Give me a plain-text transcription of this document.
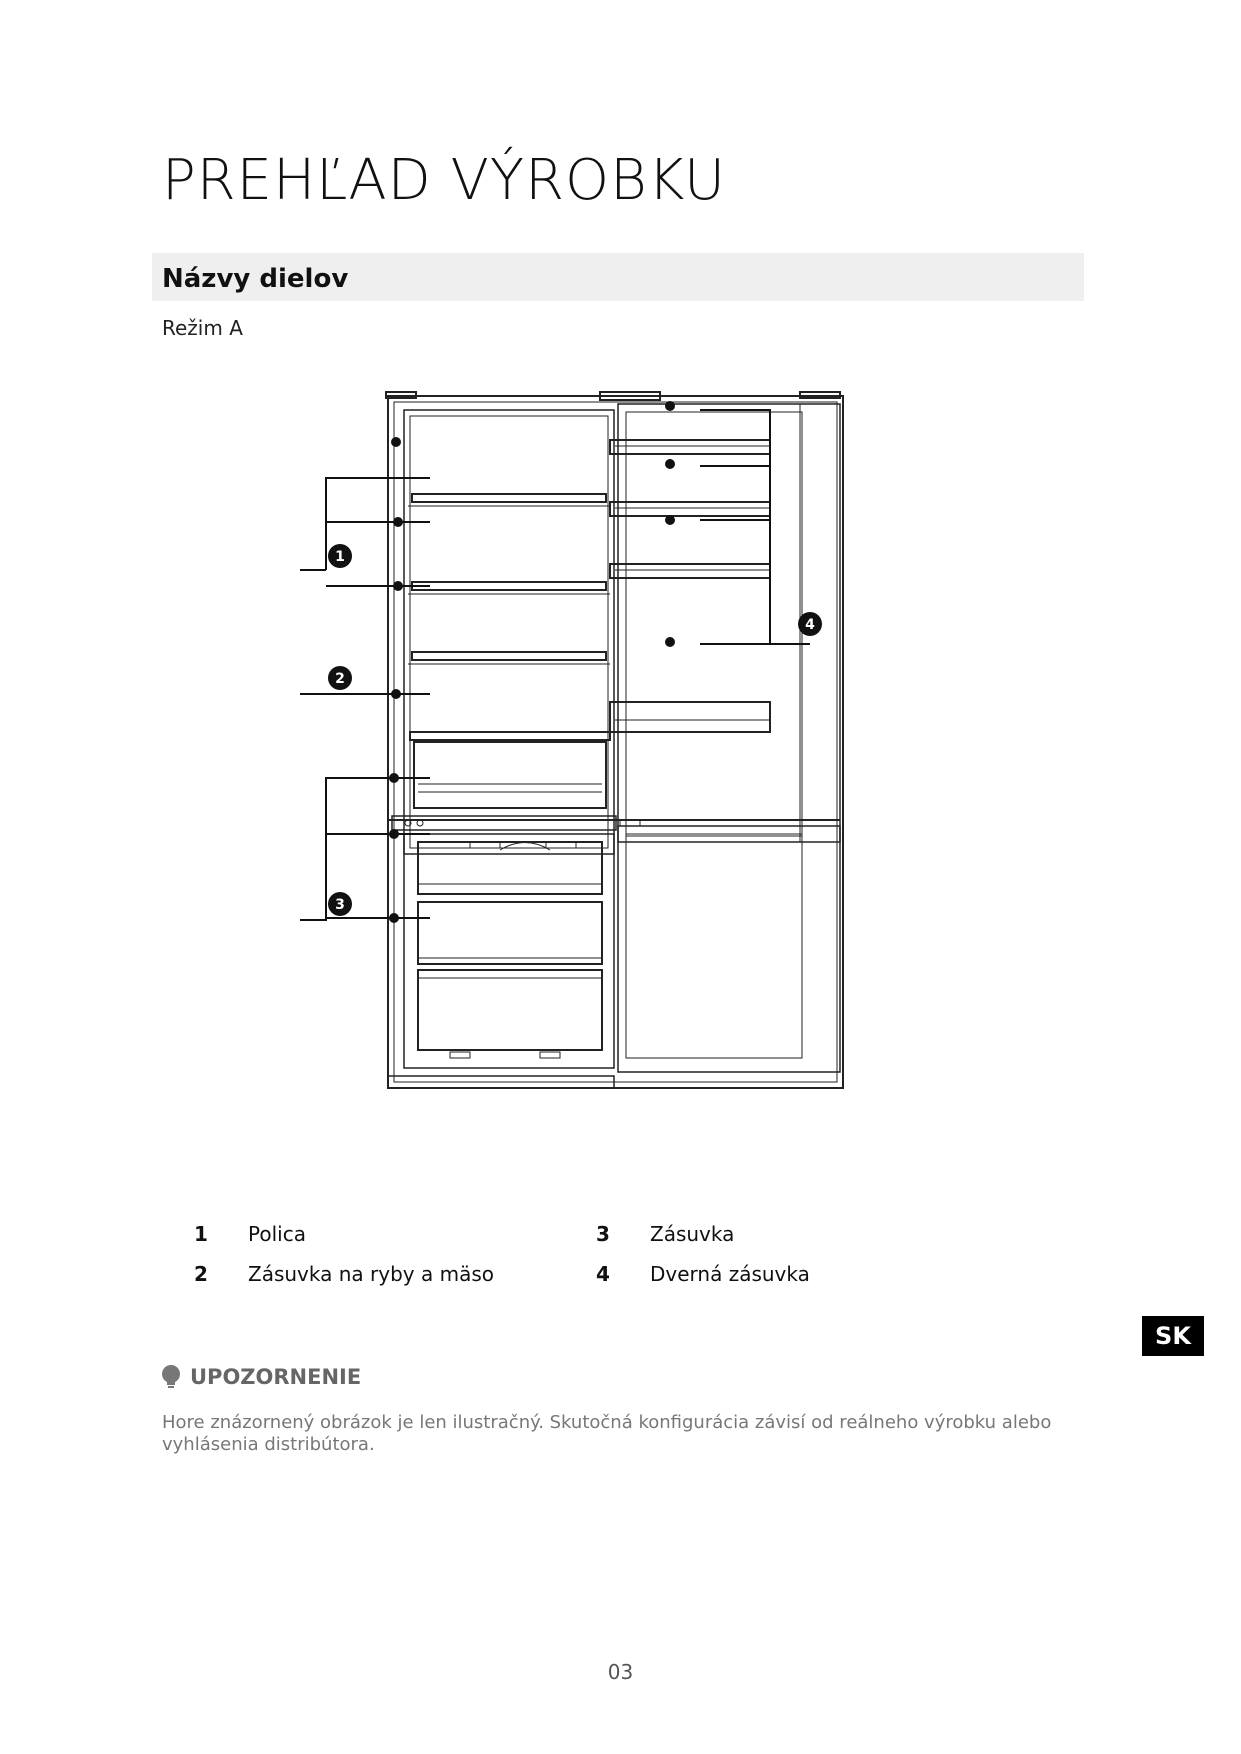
PREHĽAD VÝROBKU
Názvy dielov
Režim A
1
2
3
4
1 Polica
2 Zásuvka na ryby a mäso
3 Zásuvka
4 Dverná zásuvka
SK
UPOZORNENIE
Hore znázornený obrázok je len ilustračný. Skutočná konfigurácia závisí od reálneho výrobku alebo vyhlásenia distribútora.
03
